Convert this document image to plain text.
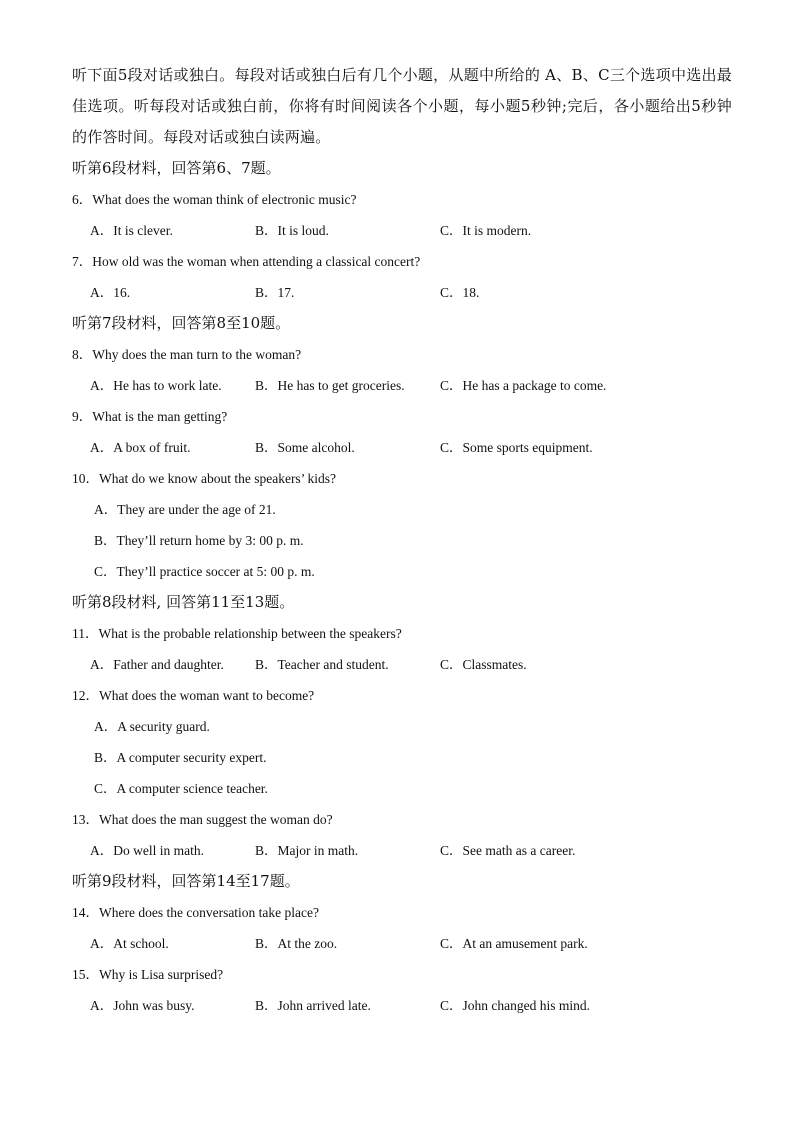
听下面5段对话或独白。每段对话或独白后有几个小题，从题中所给的 A、B、C三个选项中选出最佳选项。听每段对话或独白前，你将有时间阅读各个小题，每小题5秒钟;完后，各小题给出5秒钟的作答时间。每段对话或独白读两遍。

听第6段材料，回答第6、7题。

6．What does the woman think of electronic music?

A．It is clever.	B．It is loud.	C．It is modern.

7．How old was the woman when attending a classical concert?

A．16.	B．17.	C．18.

听第7段材料，回答第8至10题。

8．Why does the man turn to the woman?

A．He has to work late.	B．He has to get groceries.	C．He has a package to come.

9．What is the man getting?

A．A box of fruit.	B．Some alcohol.	C．Some sports equipment.

10．What do we know about the speakers’ kids?

A．They are under the age of 21.

B．They’ll return home by 3: 00 p. m.

C．They’ll practice soccer at 5: 00 p. m.

听第8段材料, 回答第11至13题。

11．What is the probable relationship between the speakers?

A．Father and daughter.	B．Teacher and student.	C．Classmates.

12．What does the woman want to become?

A．A security guard.

B．A computer security expert.

C．A computer science teacher.

13．What does the man suggest the woman do?

A．Do well in math.	B．Major in math.	C．See math as a career.

听第9段材料，回答第14至17题。

14．Where does the conversation take place?

A．At school.	B．At the zoo.	C．At an amusement park.

15．Why is Lisa surprised?

A．John was busy.	B．John arrived late.	C．John changed his mind.
